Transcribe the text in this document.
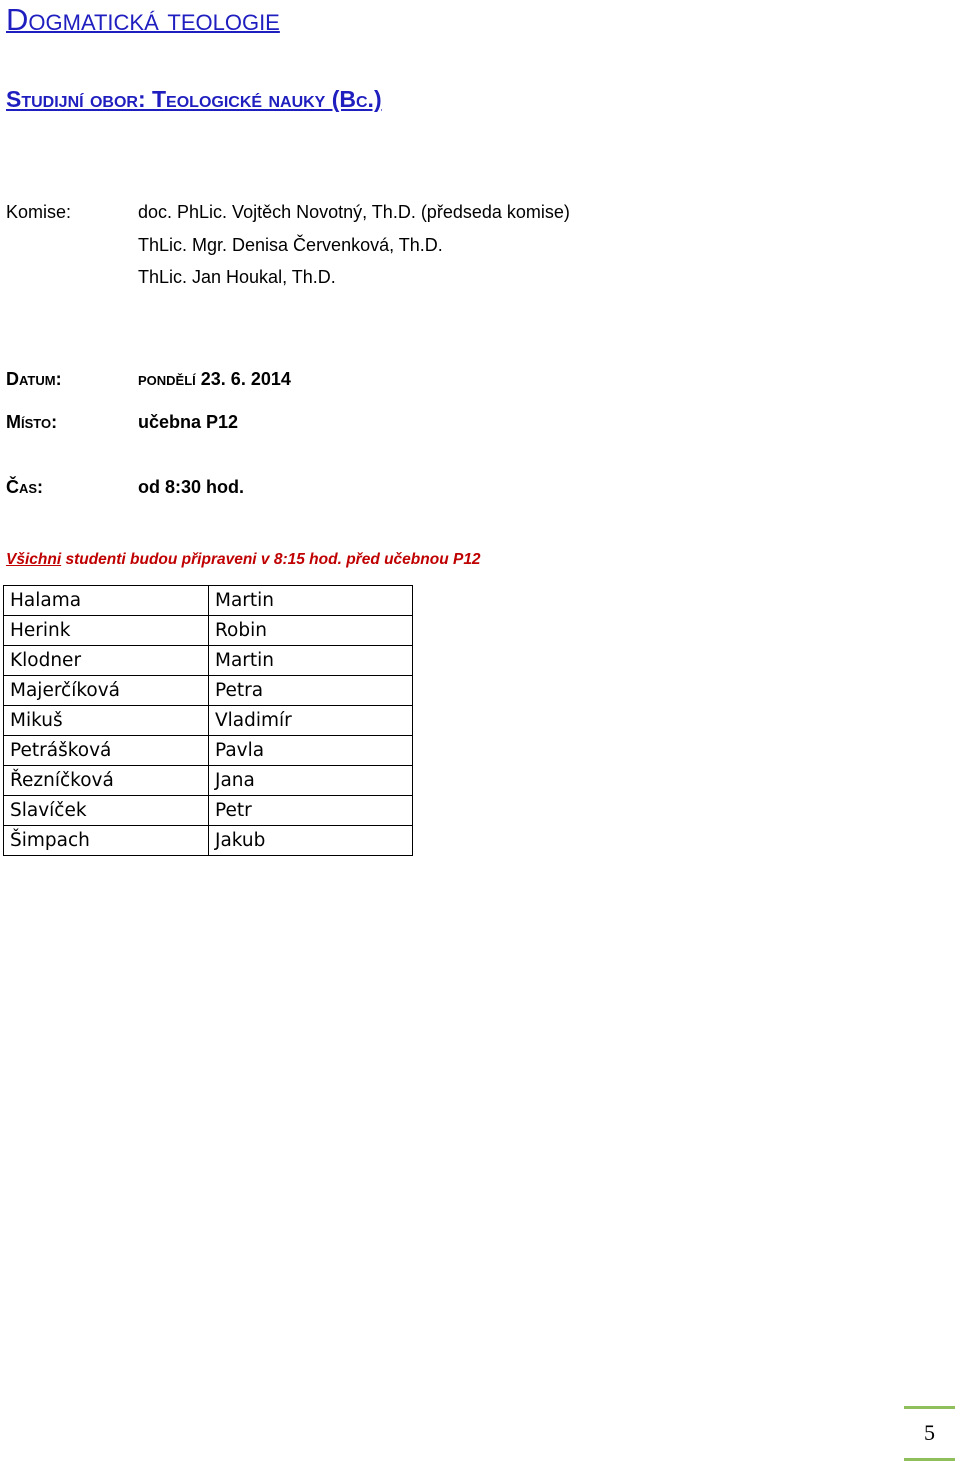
Dogmatická teologie
Studijní obor: Teologické nauky (Bc.)
Komise:	doc. PhLic. Vojtěch Novotný, Th.D. (předseda komise)
ThLic. Mgr. Denisa Červenková, Th.D.
ThLic. Jan Houkal, Th.D.
Datum:	pondělí 23. 6. 2014
Místo:	učebna P12
Čas:	od 8:30 hod.
Všichni studenti budou připraveni v 8:15 hod. před učebnou P12
Halama	Martin
Herink	Robin
Klodner	Martin
Majerčíková	Petra
Mikuš	Vladimír
Petrášková	Pavla
Řezníčková	Jana
Slavíček	Petr
Šimpach	Jakub
5
